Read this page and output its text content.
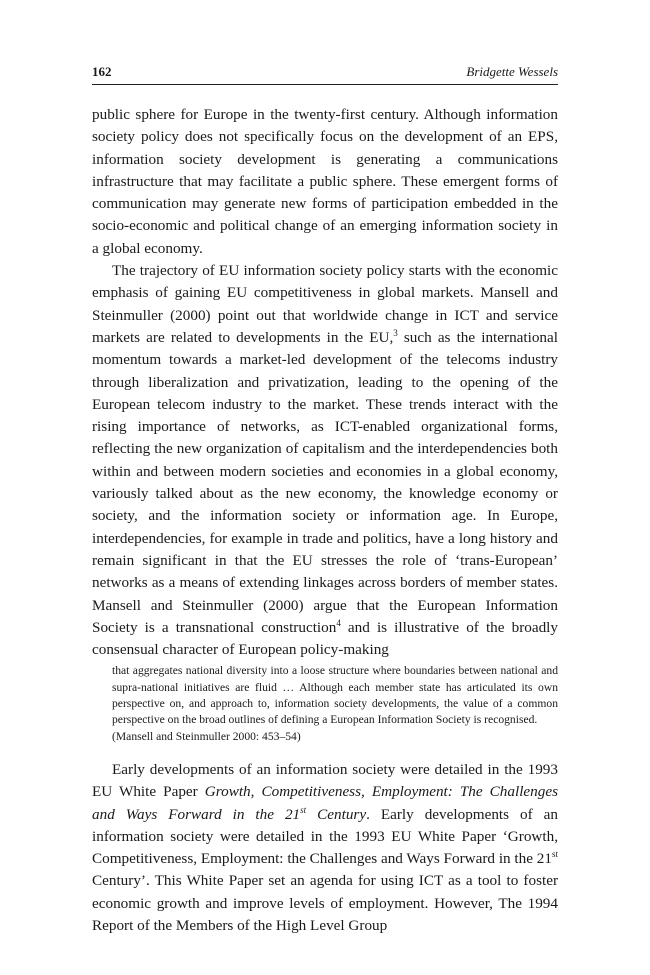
162	Bridgette Wessels

public sphere for Europe in the twenty-first century. Although information society policy does not specifically focus on the development of an EPS, information society development is generating a communications infrastructure that may facilitate a public sphere. These emergent forms of communication may generate new forms of participation embedded in the socio-economic and political change of an emerging information society in a global economy.

The trajectory of EU information society policy starts with the economic emphasis of gaining EU competitiveness in global markets. Mansell and Steinmuller (2000) point out that worldwide change in ICT and service markets are related to developments in the EU,$^3$ such as the international momentum towards a market-led development of the telecoms industry through liberalization and privatization, leading to the opening of the European telecom industry to the market. These trends interact with the rising importance of networks, as ICT-enabled organizational forms, reflecting the new organization of capitalism and the interdependencies both within and between modern societies and economies in a global economy, variously talked about as the new economy, the knowledge economy or society, and the information society or information age. In Europe, interdependencies, for example in trade and politics, have a long history and remain significant in that the EU stresses the role of ‘trans-European’ networks as a means of extending linkages across borders of member states. Mansell and Steinmuller (2000) argue that the European Information Society is a transnational construction$^4$ and is illustrative of the broadly consensual character of European policy-making

that aggregates national diversity into a loose structure where boundaries between national and supra-national initiatives are fluid … Although each member state has articulated its own perspective on, and approach to, information society developments, the value of a common perspective on the broad outlines of defining a European Information Society is recognised.
(Mansell and Steinmuller 2000: 453–54)

Early developments of an information society were detailed in the 1993 EU White Paper Growth, Competitiveness, Employment: The Challenges and Ways Forward in the 21st Century. Early developments of an information society were detailed in the 1993 EU White Paper ‘Growth, Competitiveness, Employment: the Challenges and Ways Forward in the 21st Century’. This White Paper set an agenda for using ICT as a tool to foster economic growth and improve levels of employment. However, The 1994 Report of the Members of the High Level Group
